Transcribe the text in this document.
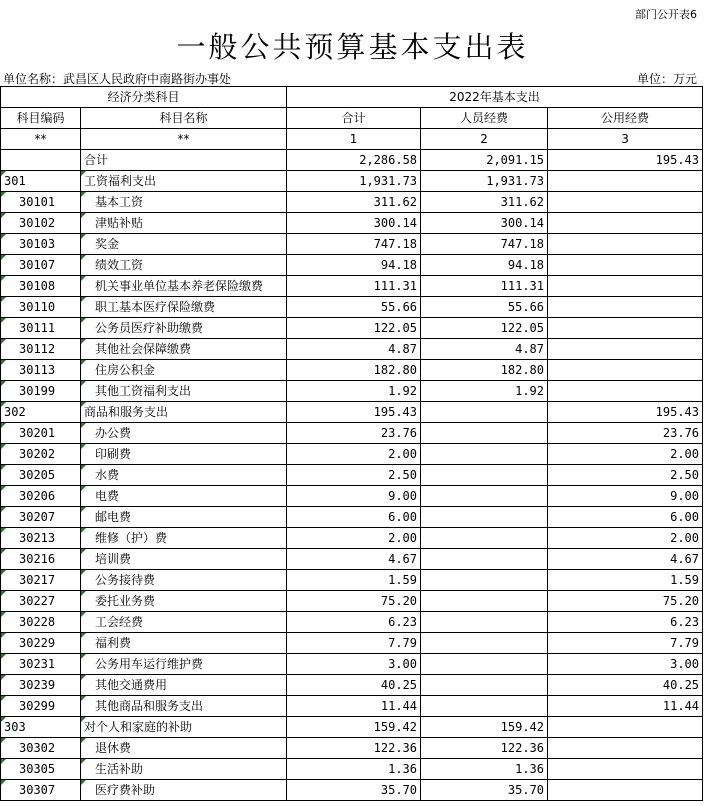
部门公开表6
一般公共预算基本支出表
单位名称：武昌区人民政府中南路街办事处	单位：万元
经济分类科目		2022年基本支出		
科目编码	科目名称	合计	人员经费	公用经费
**	**	1	2	3
	合计	2,286.58	2,091.15	195.43
301	工资福利支出	1,931.73	1,931.73	
30101	基本工资	311.62	311.62	
30102	津贴补贴	300.14	300.14	
30103	奖金	747.18	747.18	
30107	绩效工资	94.18	94.18	
30108	机关事业单位基本养老保险缴费	111.31	111.31	
30110	职工基本医疗保险缴费	55.66	55.66	
30111	公务员医疗补助缴费	122.05	122.05	
30112	其他社会保障缴费	4.87	4.87	
30113	住房公积金	182.80	182.80	
30199	其他工资福利支出	1.92	1.92	
302	商品和服务支出	195.43		195.43
30201	办公费	23.76		23.76
30202	印刷费	2.00		2.00
30205	水费	2.50		2.50
30206	电费	9.00		9.00
30207	邮电费	6.00		6.00
30213	维修（护）费	2.00		2.00
30216	培训费	4.67		4.67
30217	公务接待费	1.59		1.59
30227	委托业务费	75.20		75.20
30228	工会经费	6.23		6.23
30229	福利费	7.79		7.79
30231	公务用车运行维护费	3.00		3.00
30239	其他交通费用	40.25		40.25
30299	其他商品和服务支出	11.44		11.44
303	对个人和家庭的补助	159.42	159.42	
30302	退休费	122.36	122.36	
30305	生活补助	1.36	1.36	
30307	医疗费补助	35.70	35.70	
